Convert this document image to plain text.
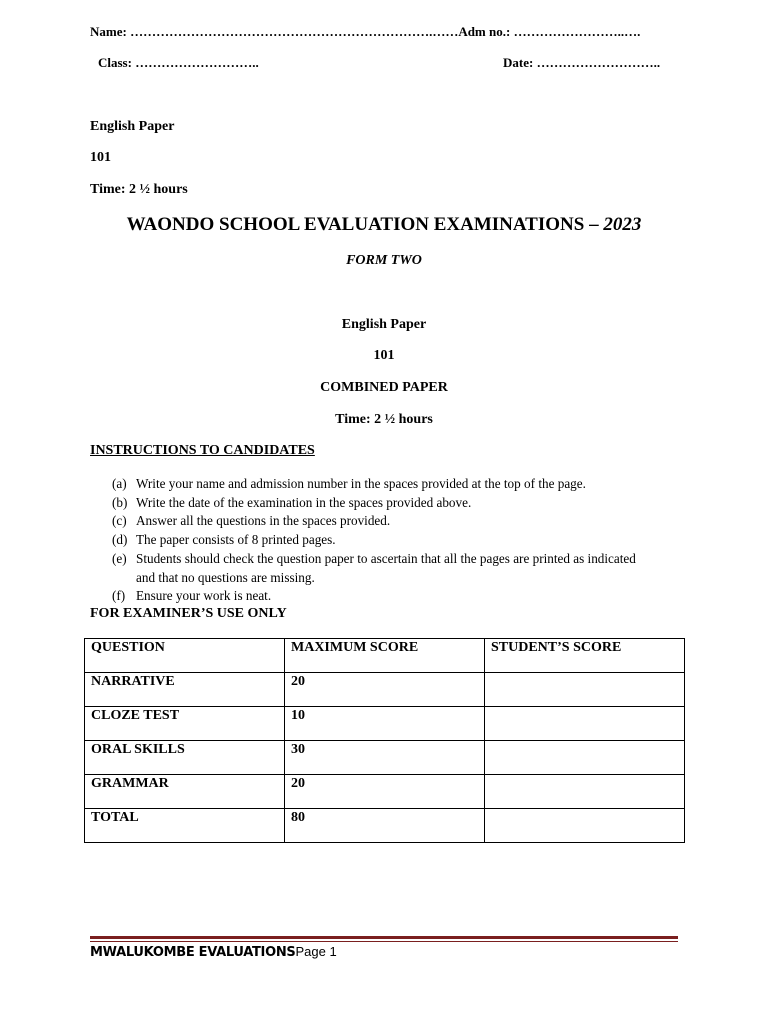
Name: …………………………………………………………….……Adm no.: ……………………..….
Class: ………………………..	Date: ………………………..
English Paper
101
Time: 2 ½ hours
WAONDO SCHOOL EVALUATION EXAMINATIONS – 2023
FORM TWO
English Paper
101
COMBINED PAPER
Time: 2 ½ hours
INSTRUCTIONS TO CANDIDATES
(a) Write your name and admission number in the spaces provided at the top of the page.
(b) Write the date of the examination in the spaces provided above.
(c) Answer all the questions in the spaces provided.
(d) The paper consists of 8 printed pages.
(e) Students should check the question paper to ascertain that all the pages are printed as indicated
and that no questions are missing.
(f) Ensure your work is neat.
FOR EXAMINER’S USE ONLY
QUESTION	MAXIMUM SCORE	STUDENT’S SCORE
NARRATIVE	20	
CLOZE TEST	10	
ORAL SKILLS	30	
GRAMMAR	20	
TOTAL	80	
MWALUKOMBE EVALUATIONSPage 1
